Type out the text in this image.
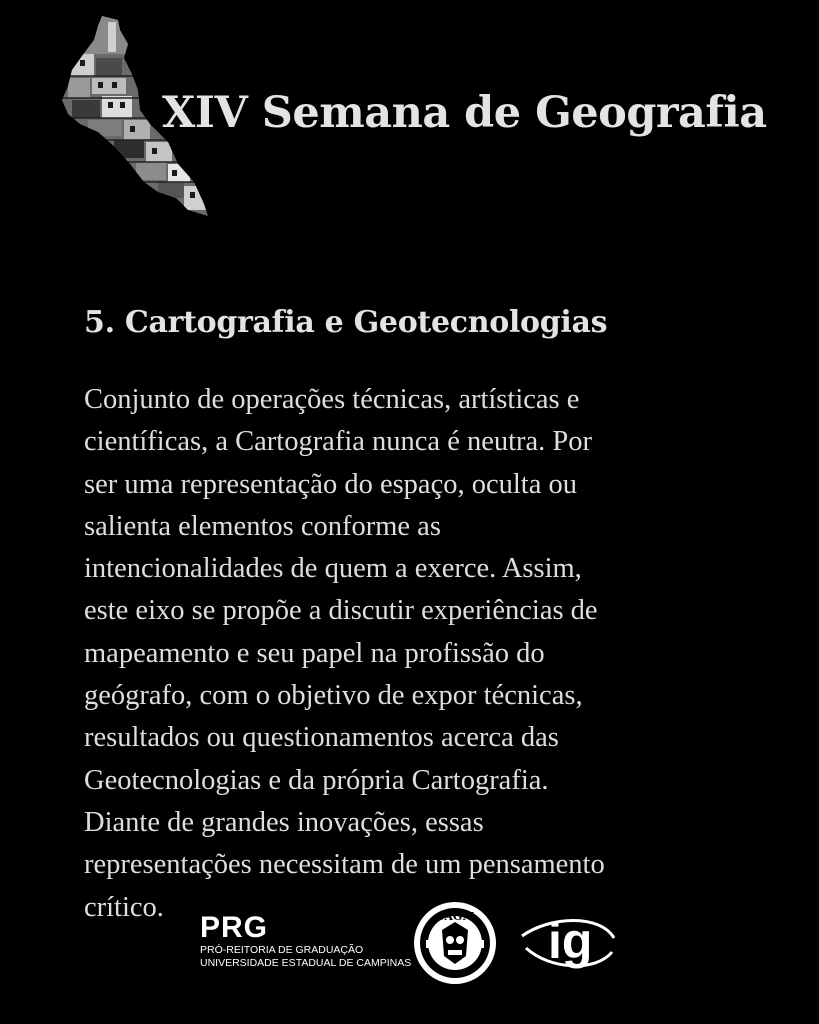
XIV Semana de Geografia
5. Cartografia e Geotecnologias

Conjunto de operações técnicas, artísticas e
científicas, a Cartografia nunca é neutra. Por
ser uma representação do espaço, oculta ou
salienta elementos conforme as
intencionalidades de quem a exerce. Assim,
este eixo se propõe a discutir experiências de
mapeamento e seu papel na profissão do
geógrafo, com o objetivo de expor técnicas,
resultados ou questionamentos acerca das
Geotecnologias e da própria Cartografia.
Diante de grandes inovações, essas
representações necessitam de um pensamento
crítico.

PRG
PRÓ-REITORIA DE GRADUAÇÃO
UNIVERSIDADE ESTADUAL DE CAMPINAS
CAGM ig
